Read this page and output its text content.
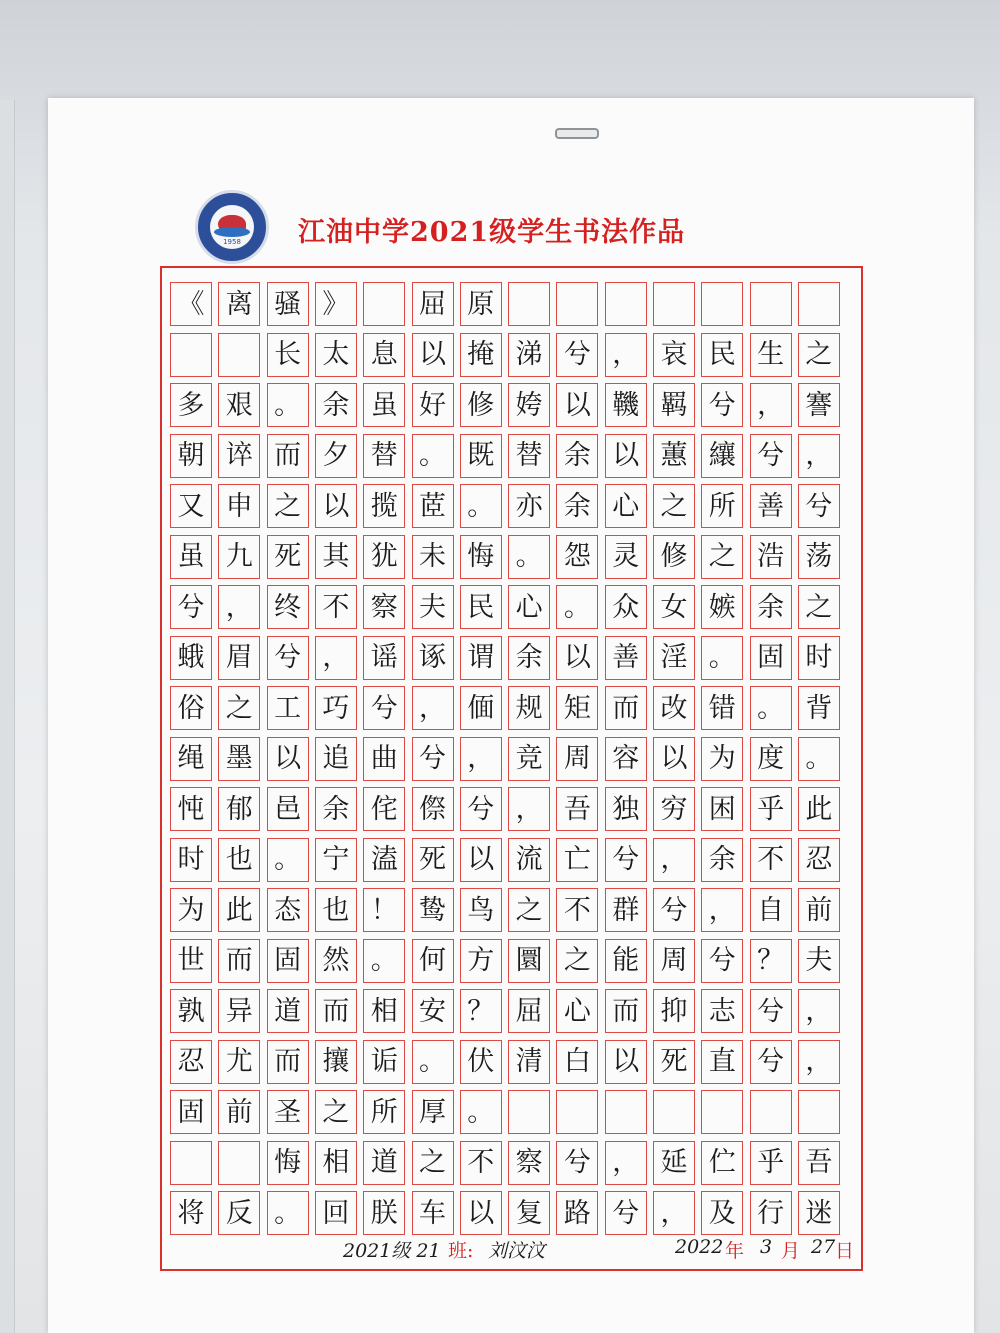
1958	江油中学2021级学生书法作品
《 离 骚 》	屈 原
长 太 息 以 掩 涕 兮 ， 哀 民 生 之
多 艰 。 余 虽 好 修 姱 以 鞿 羁 兮 ， 謇
朝 谇 而 夕 替 。 既 替 余 以 蕙 纕 兮 ，
又 申 之 以 揽 茝 。 亦 余 心 之 所 善 兮
虽 九 死 其 犹 未 悔 。 怨 灵 修 之 浩 荡
兮 ， 终 不 察 夫 民 心 。 众 女 嫉 余 之
蛾 眉 兮 ， 谣 诼 谓 余 以 善 淫 。 固 时
俗 之 工 巧 兮 ， 偭 规 矩 而 改 错 。 背
绳 墨 以 追 曲 兮 ， 竞 周 容 以 为 度 。
忳 郁 邑 余 侘 傺 兮 ， 吾 独 穷 困 乎 此
时 也 。 宁 溘 死 以 流 亡 兮 ， 余 不 忍
为 此 态 也 ！ 鸷 鸟 之 不 群 兮 ， 自 前
世 而 固 然 。 何 方 圜 之 能 周 兮 ？ 夫
孰 异 道 而 相 安 ？ 屈 心 而 抑 志 兮 ，
忍 尤 而 攘 诟 。 伏 清 白 以 死 直 兮 ，
固 前 圣 之 所 厚 。
悔 相 道 之 不 察 兮 ， 延 伫 乎 吾
将 反 。 回 朕 车 以 复 路 兮 ， 及 行 迷
2021级 21 班: 刘汶汶	2022 年 3 月 27 日
